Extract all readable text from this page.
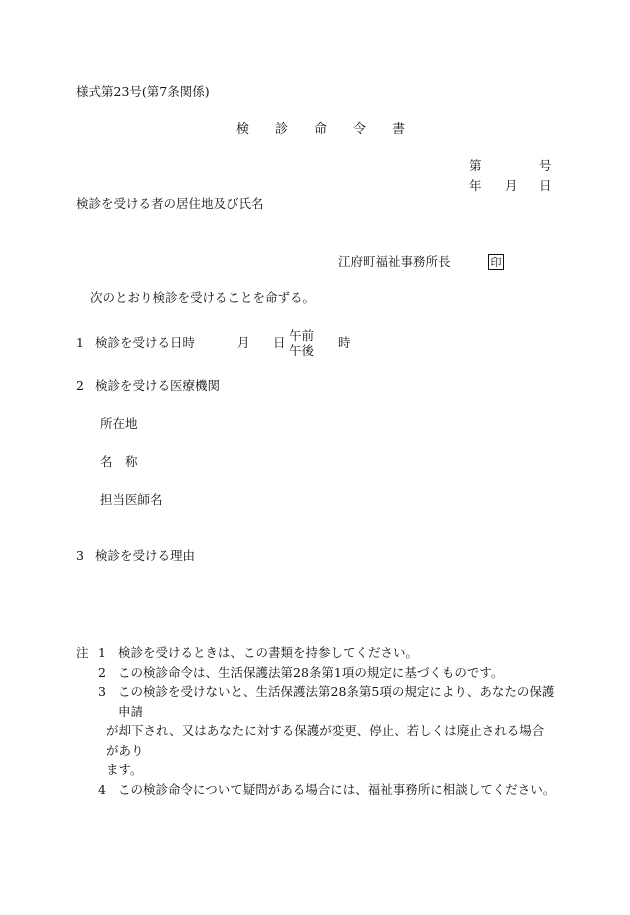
様式第23号(第7条関係)
検　　診　　命　　令　　書
第	号
年 月 日
検診を受ける者の居住地及び氏名
江府町福祉事務所長	印
次のとおり検診を受けることを命ずる。
1 検診を受ける日時	月 日 午前
午後
時
2 検診を受ける医療機関
所在地
名　称
担当医師名
3 検診を受ける理由
注 1 検診を受けるときは、この書類を持参してください。
2 この検診命令は、生活保護法第28条第1項の規定に基づくものです。
3 この検診を受けないと、生活保護法第28条第5項の規定により、あなたの保護申請
が却下され、又はあなたに対する保護が変更、停止、若しくは廃止される場合があり
ます。
4 この検診命令について疑問がある場合には、福祉事務所に相談してください。
